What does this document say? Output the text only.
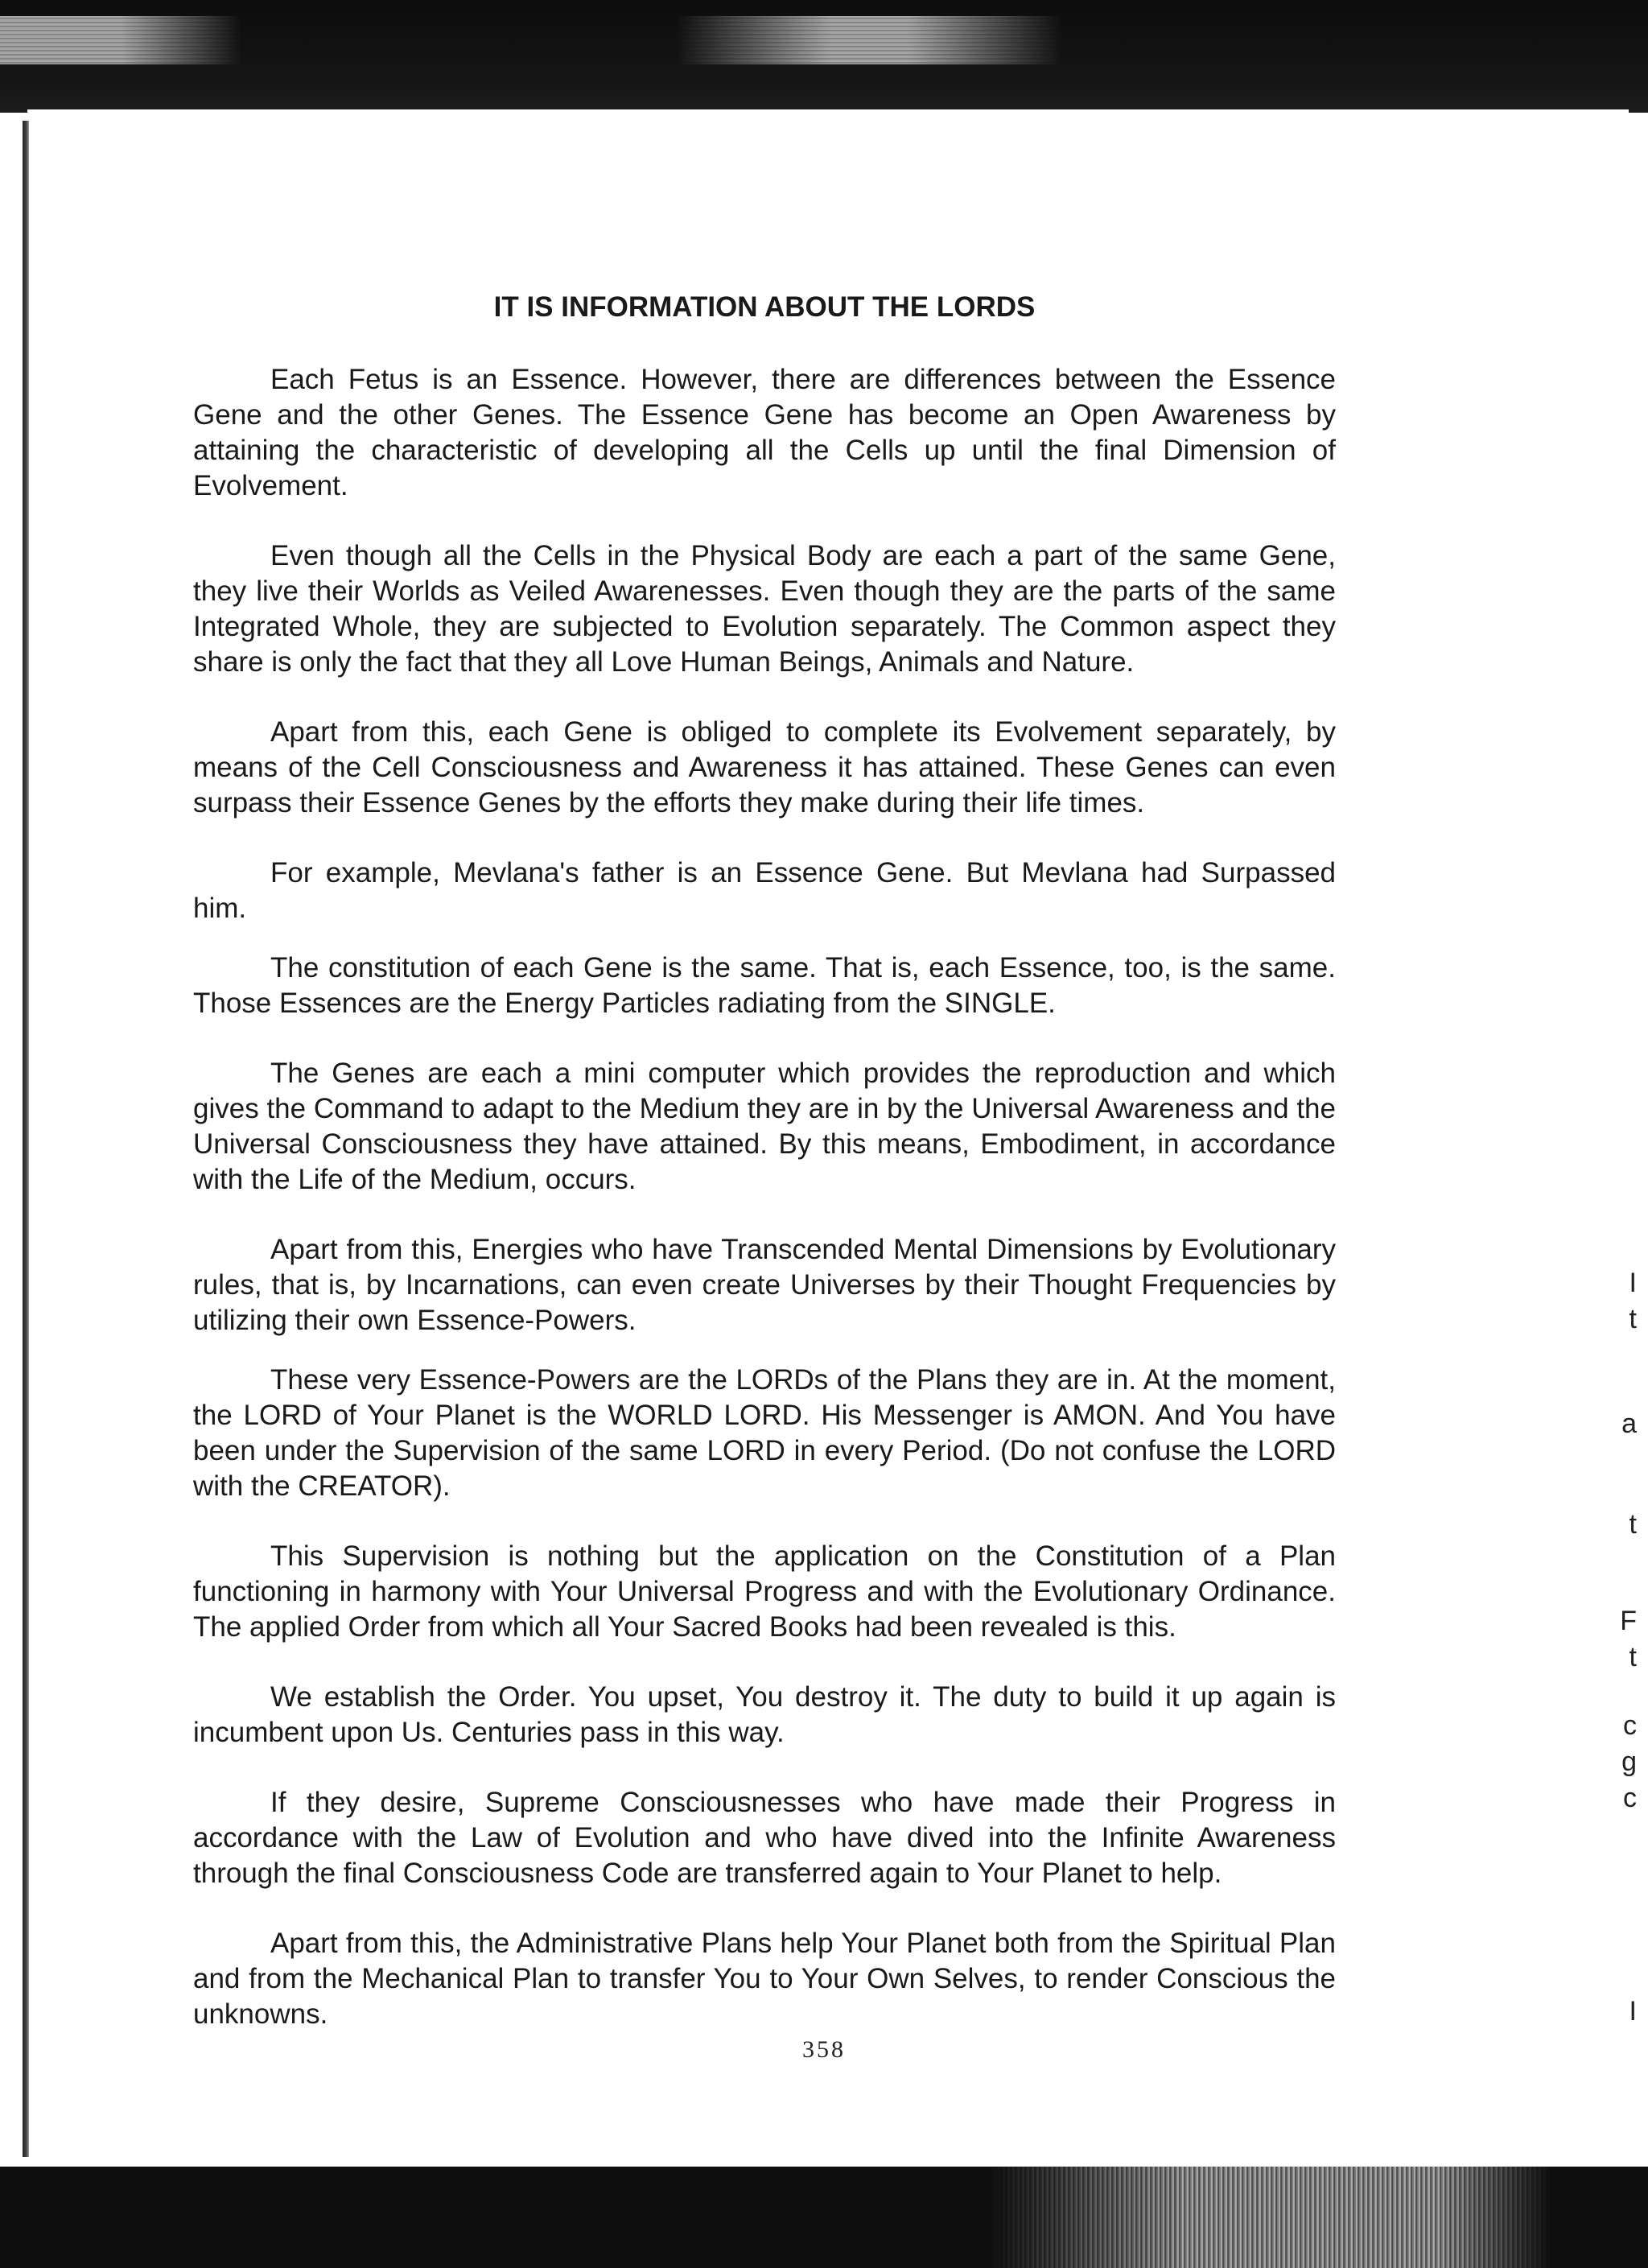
IT IS INFORMATION ABOUT THE LORDS

Each Fetus is an Essence. However, there are differences between the Essence Gene and the other Genes. The Essence Gene has become an Open Awareness by attaining the characteristic of developing all the Cells up until the final Dimension of Evolvement.

Even though all the Cells in the Physical Body are each a part of the same Gene, they live their Worlds as Veiled Awarenesses. Even though they are the parts of the same Integrated Whole, they are subjected to Evolution separately. The Common aspect they share is only the fact that they all Love Human Beings, Animals and Nature.

Apart from this, each Gene is obliged to complete its Evolvement separately, by means of the Cell Consciousness and Awareness it has attained. These Genes can even surpass their Essence Genes by the efforts they make during their life times.

For example, Mevlana's father is an Essence Gene. But Mevlana had Surpassed him.

The constitution of each Gene is the same. That is, each Essence, too, is the same. Those Essences are the Energy Particles radiating from the SINGLE.

The Genes are each a mini computer which provides the reproduction and which gives the Command to adapt to the Medium they are in by the Universal Awareness and the Universal Consciousness they have attained. By this means, Embodiment, in accordance with the Life of the Medium, occurs.

Apart from this, Energies who have Transcended Mental Dimensions by Evolutionary rules, that is, by Incarnations, can even create Universes by their Thought Frequencies by utilizing their own Essence-Powers.

These very Essence-Powers are the LORDs of the Plans they are in. At the moment, the LORD of Your Planet is the WORLD LORD. His Messenger is AMON. And You have been under the Supervision of the same LORD in every Period. (Do not confuse the LORD with the CREATOR).

This Supervision is nothing but the application on the Constitution of a Plan functioning in harmony with Your Universal Progress and with the Evolutionary Ordinance. The applied Order from which all Your Sacred Books had been revealed is this.

We establish the Order. You upset, You destroy it. The duty to build it up again is incumbent upon Us. Centuries pass in this way.

If they desire, Supreme Consciousnesses who have made their Progress in accordance with the Law of Evolution and who have dived into the Infinite Awareness through the final Consciousness Code are transferred again to Your Planet to help.

Apart from this, the Administrative Plans help Your Planet both from the Spiritual Plan and from the Mechanical Plan to transfer You to Your Own Selves, to render Conscious the unknowns.

358
I
t
a
t
F
t
c
g
c
I
